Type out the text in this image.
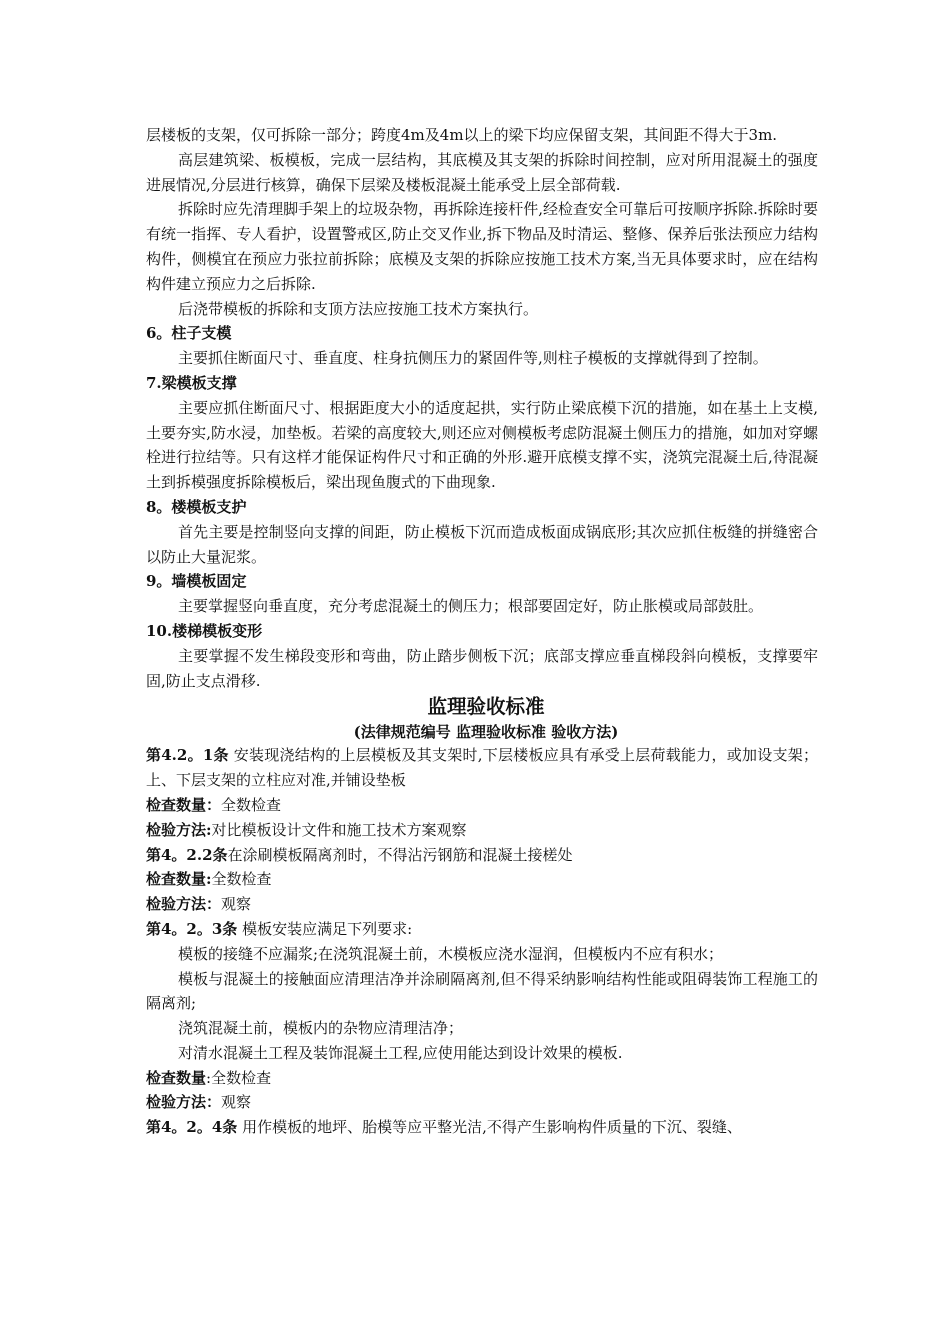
层楼板的支架，仅可拆除一部分；跨度4m及4m以上的梁下均应保留支架，其间距不得大于3m.

高层建筑梁、板模板，完成一层结构，其底模及其支架的拆除时间控制，应对所用混凝土的强度进展情况,分层进行核算，确保下层梁及楼板混凝土能承受上层全部荷载.

拆除时应先清理脚手架上的垃圾杂物，再拆除连接杆件,经检查安全可靠后可按顺序拆除.拆除时要有统一指挥、专人看护，设置警戒区,防止交叉作业,拆下物品及时清运、整修、保养后张法预应力结构构件，侧模宜在预应力张拉前拆除；底模及支架的拆除应按施工技术方案,当无具体要求时，应在结构构件建立预应力之后拆除.

后浇带模板的拆除和支顶方法应按施工技术方案执行。

6。柱子支模

主要抓住断面尺寸、垂直度、柱身抗侧压力的紧固件等,则柱子模板的支撑就得到了控制。

7.梁模板支撑

主要应抓住断面尺寸、根据距度大小的适度起拱，实行防止梁底模下沉的措施，如在基土上支模,土要夯实,防水浸，加垫板。若梁的高度较大,则还应对侧模板考虑防混凝土侧压力的措施，如加对穿螺栓进行拉结等。只有这样才能保证构件尺寸和正确的外形.避开底模支撑不实，浇筑完混凝土后,待混凝土到拆模强度拆除模板后，梁出现鱼腹式的下曲现象.

8。楼模板支护

首先主要是控制竖向支撑的间距，防止模板下沉而造成板面成锅底形;其次应抓住板缝的拼缝密合以防止大量泥浆。

9。墙模板固定

主要掌握竖向垂直度，充分考虑混凝土的侧压力；根部要固定好，防止胀模或局部鼓肚。

10.楼梯模板变形

主要掌握不发生梯段变形和弯曲，防止踏步侧板下沉；底部支撑应垂直梯段斜向模板，支撑要牢固,防止支点滑移.

监理验收标准
(法律规范编号 监理验收标准 验收方法)

第4.2。1条 安装现浇结构的上层模板及其支架时,下层楼板应具有承受上层荷载能力，或加设支架；上、下层支架的立柱应对准,并铺设垫板

检查数量：全数检查

检验方法:对比模板设计文件和施工技术方案观察

第4。2.2条在涂刷模板隔离剂时，不得沾污钢筋和混凝土接槎处

检查数量:全数检查

检验方法：观察

第4。2。3条 模板安装应满足下列要求:

模板的接缝不应漏浆;在浇筑混凝土前，木模板应浇水湿润，但模板内不应有积水；

模板与混凝土的接触面应清理洁净并涂刷隔离剂,但不得采纳影响结构性能或阻碍装饰工程施工的隔离剂;

浇筑混凝土前，模板内的杂物应清理洁净；

对清水混凝土工程及装饰混凝土工程,应使用能达到设计效果的模板.

检查数量:全数检查

检验方法：观察

第4。2。4条 用作模板的地坪、胎模等应平整光洁,不得产生影响构件质量的下沉、裂缝、
